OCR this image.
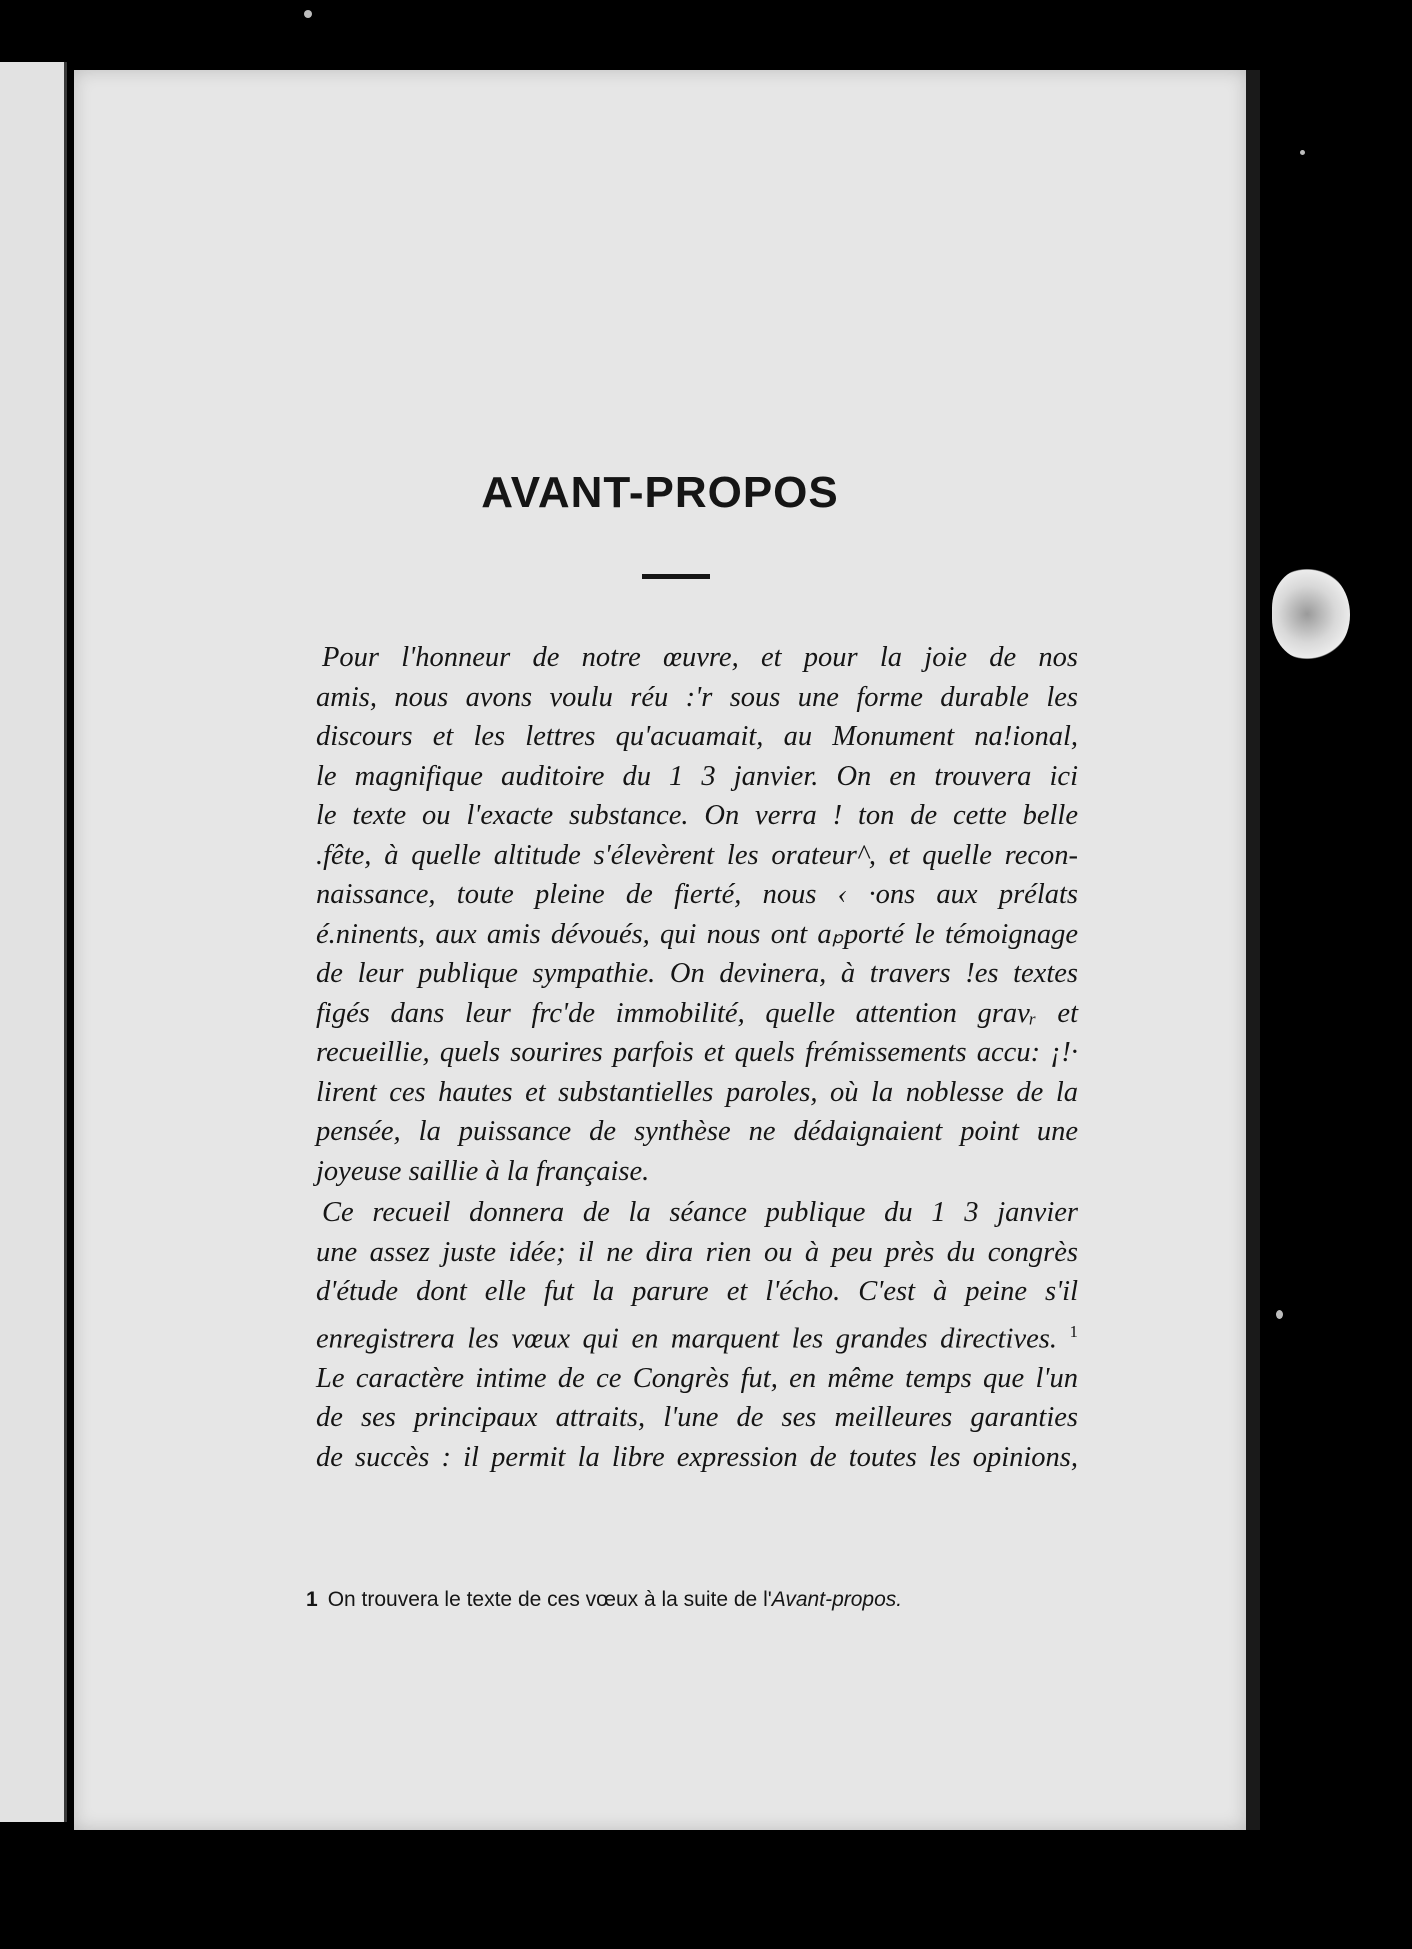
AVANT-PROPOS

Pour l'honneur de notre œuvre, et pour la joie de nos
amis, nous avons voulu réu :'r sous une forme durable les
discours et les lettres qu'acuamait, au Monument na!ional,
le magnifique auditoire du 1 3 janvier. On en trouvera ici
le texte ou l'exacte substance. On verra ! ton de cette belle
.fête, à quelle altitude s'élevèrent les orateur^, et quelle recon-
naissance, toute pleine de fierté, nous ‹ ·ons aux prélats
é.ninents, aux amis dévoués, qui nous ont aₚporté le témoignage
de leur publique sympathie. On devinera, à travers !es textes
figés dans leur frc'de immobilité, quelle attention gravᵣ et
recueillie, quels sourires parfois et quels frémissements accu: ¡!·
lirent ces hautes et substantielles paroles, où la noblesse de la
pensée, la puissance de synthèse ne dédaignaient point une
joyeuse saillie à la française.

Ce recueil donnera de la séance publique du 1 3 janvier
une assez juste idée; il ne dira rien ou à peu près du congrès
d'étude dont elle fut la parure et l'écho. C'est à peine s'il
enregistrera les vœux qui en marquent les grandes directives. $^1$
Le caractère intime de ce Congrès fut, en même temps que l'un
de ses principaux attraits, l'une de ses meilleures garanties
de succès : il permit la libre expression de toutes les opinions,

1 On trouvera le texte de ces vœux à la suite de l'Avant-propos.
